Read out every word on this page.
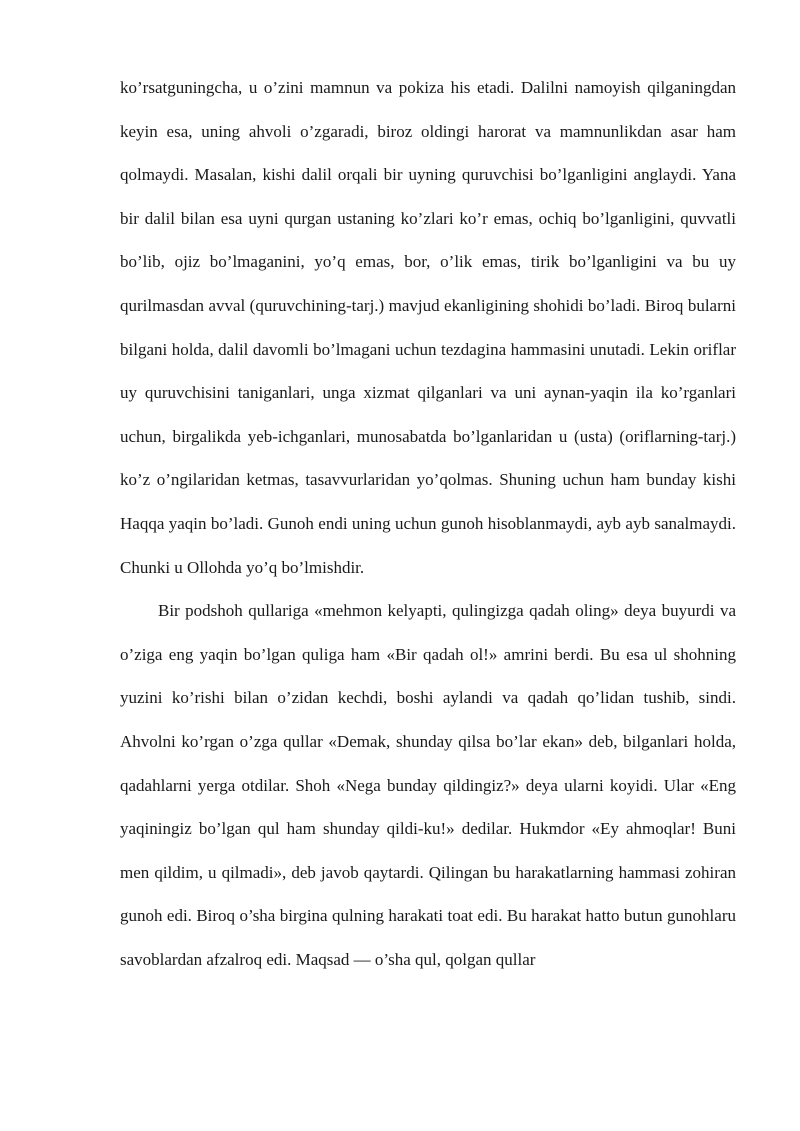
ko’rsatguningcha, u o’zini mamnun va pokiza his etadi. Dalilni namoyish qilganingdan keyin esa, uning ahvoli o’zgaradi, biroz oldingi harorat va mamnunlikdan asar ham qolmaydi. Masalan, kishi dalil orqali bir uyning quruvchisi bo’lganligini anglaydi. Yana bir dalil bilan esa uyni qurgan ustaning ko’zlari ko’r emas, ochiq bo’lganligini, quvvatli bo’lib, ojiz bo’lmaganini, yo’q emas, bor, o’lik emas, tirik bo’lganligini va bu uy qurilmasdan avval (quruvchining-tarj.) mavjud ekanligining shohidi bo’ladi. Biroq bularni bilgani holda, dalil davomli bo’lmagani uchun tezdagina hammasini unutadi. Lekin oriflar uy quruvchisini taniganlari, unga xizmat qilganlari va uni aynan-yaqin ila ko’rganlari uchun, birgalikda yeb-ichganlari, munosabatda bo’lganlaridan u (usta) (oriflarning-tarj.) ko’z o’ngilaridan ketmas, tasavvurlaridan yo’qolmas. Shuning uchun ham bunday kishi Haqqa yaqin bo’ladi. Gunoh endi uning uchun gunoh hisoblanmaydi, ayb ayb sanalmaydi. Chunki u Ollohda yo’q bo’lmishdir.

Bir podshoh qullariga «mehmon kelyapti, qulingizga qadah oling» deya buyurdi va o’ziga eng yaqin bo’lgan quliga ham «Bir qadah ol!» amrini berdi. Bu esa ul shohning yuzini ko’rishi bilan o’zidan kechdi, boshi aylandi va qadah qo’lidan tushib, sindi. Ahvolni ko’rgan o’zga qullar «Demak, shunday qilsa bo’lar ekan» deb, bilganlari holda, qadahlarni yerga otdilar. Shoh «Nega bunday qildingiz?» deya ularni koyidi. Ular «Eng yaqiningiz bo’lgan qul ham shunday qildi-ku!» dedilar. Hukmdor «Ey ahmoqlar! Buni men qildim, u qilmadi», deb javob qaytardi. Qilingan bu harakatlarning hammasi zohiran gunoh edi. Biroq o’sha birgina qulning harakati toat edi. Bu harakat hatto butun gunohlaru savoblardan afzalroq edi. Maqsad — o’sha qul, qolgan qullar
